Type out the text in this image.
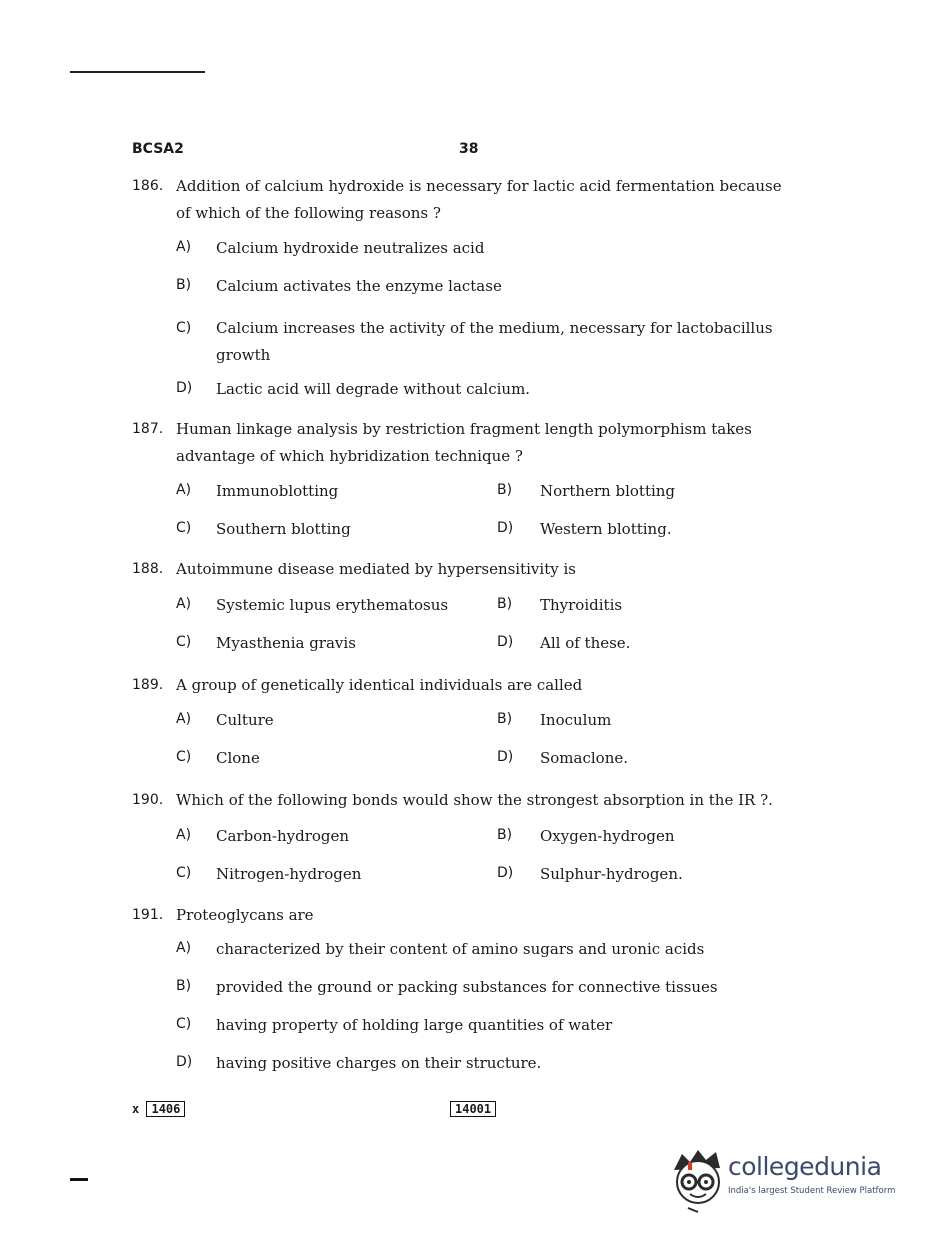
BCSA2	38
186. Addition of calcium hydroxide is necessary for lactic acid fermentation because
of which of the following reasons ?
A) Calcium hydroxide neutralizes acid
B) Calcium activates the enzyme lactase
C) Calcium increases the activity of the medium, necessary for lactobacillus
growth
D) Lactic acid will degrade without calcium.
187. Human linkage analysis by restriction fragment length polymorphism takes
advantage of which hybridization technique ?
A) Immunoblotting	B) Northern blotting
C) Southern blotting	D) Western blotting.
188. Autoimmune disease mediated by hypersensitivity is
A) Systemic lupus erythematosus	B) Thyroiditis
C) Myasthenia gravis	D) All of these.
189. A group of genetically identical individuals are called
A) Culture	B) Inoculum
C) Clone	D) Somaclone.
190. Which of the following bonds would show the strongest absorption in the IR ?.
A) Carbon-hydrogen	B) Oxygen-hydrogen
C) Nitrogen-hydrogen	D) Sulphur-hydrogen.
191. Proteoglycans are
A) characterized by their content of amino sugars and uronic acids
B) provided the ground or packing substances for connective tissues
C) having property of holding large quantities of water
D) having positive charges on their structure.
x 1406	14001
collegedunia
India's largest Student Review Platform
